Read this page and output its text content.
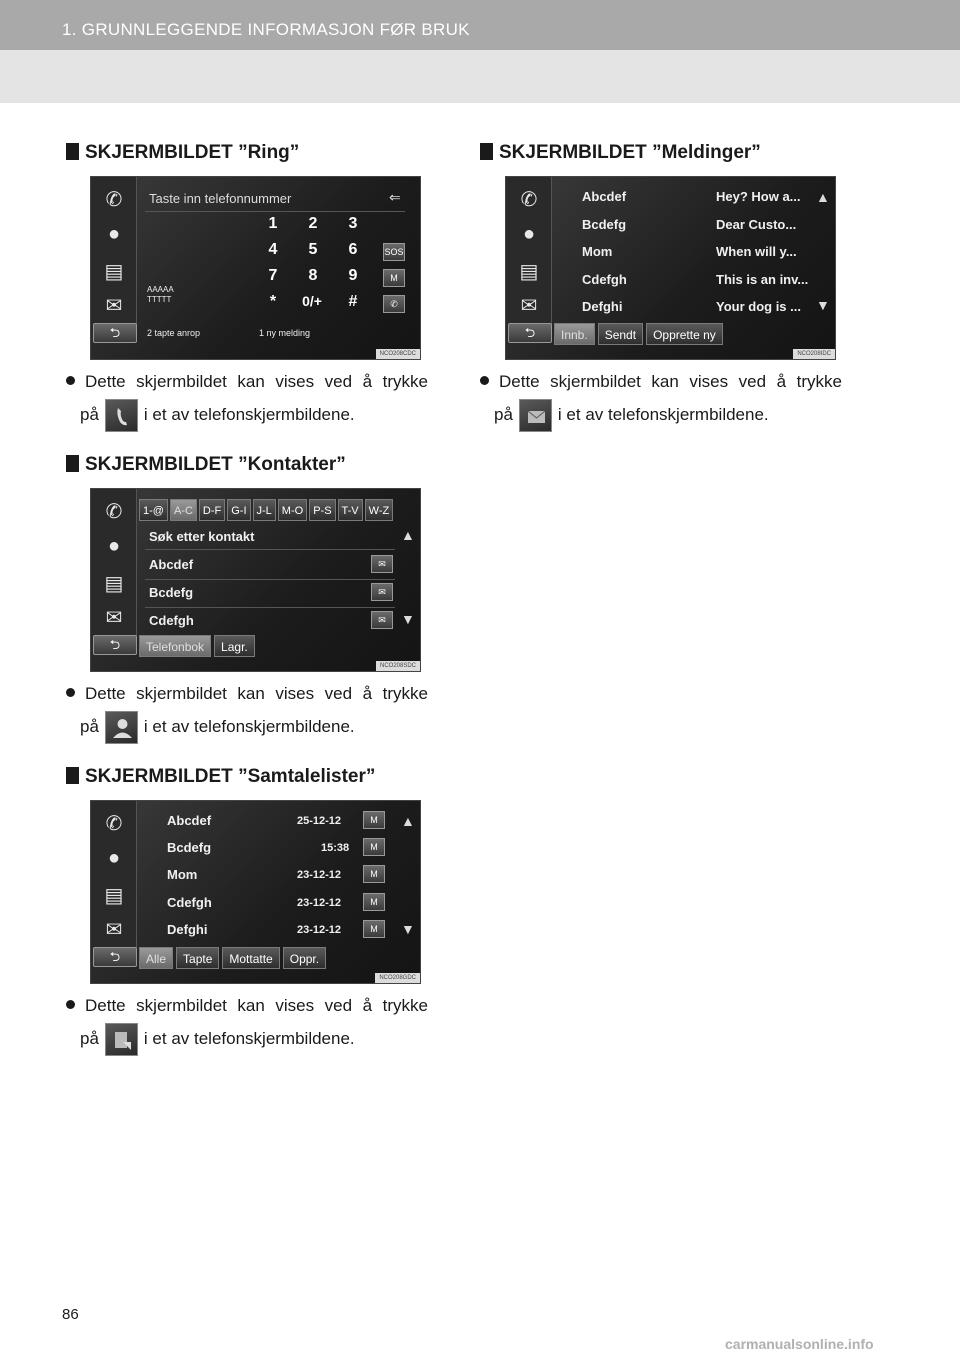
1. GRUNNLEGGENDE INFORMASJON FØR BRUK
SKJERMBILDET ”Ring”
✆
●
▤
✉
Taste inn telefonnummer	⇐
1	2	3
4	5	6
7	8	9
*	0/+	#
SOS
M
✆
AAAAA
TTTTT
⮌	2 tapte anrop	1 ny melding
NCO208CDC
Dette skjermbildet kan vises ved å trykke
på	i et av telefonskjermbildene.
SKJERMBILDET ”Kontakter”
✆
●
▤
✉
1-@ A-C D-F G-I J-L M-O P-S T-V W-Z
Søk etter kontakt	▲
Abcdef	✉
Bcdefg	✉
Cdefgh	✉	▼
⮌	Telefonbok	Lagr.
NCO208SDC
Dette skjermbildet kan vises ved å trykke
på	i et av telefonskjermbildene.
SKJERMBILDET ”Samtalelister”
✆
●
▤
✉
Abcdef	25-12-12	M
Bcdefg	15:38	M
Mom	23-12-12	M
Cdefgh	23-12-12	M
Defghi	23-12-12	M
▲
▼
⮌	Alle	Tapte	Mottatte	Oppr.
NCO208GDC
Dette skjermbildet kan vises ved å trykke
på	i et av telefonskjermbildene.
SKJERMBILDET ”Meldinger”
✆
●
▤
✉
Abcdef	Hey? How a...
Bcdefg	Dear Custo...
Mom	When will y...
Cdefgh	This is an inv...
Defghi	Your dog is ...
▲
▼
⮌	Innb.	Sendt	Opprette ny
NCO208IDC
Dette skjermbildet kan vises ved å trykke
på	i et av telefonskjermbildene.
86
carmanualsonline.info
